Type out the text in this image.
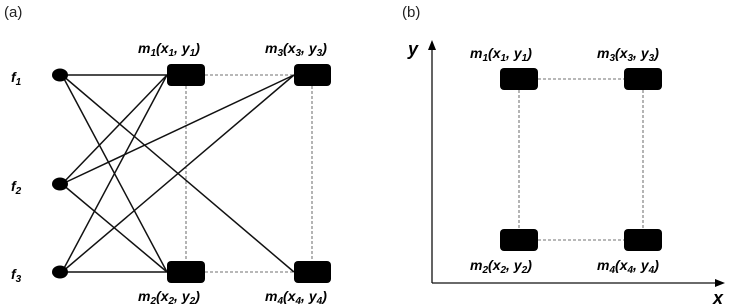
(a)	(b)
$f_1$
$f_2$
$f_3$
$m_1(x_1$, $y_1$)
$m_2(x_2$, $y_2$)
$m_3(x_3$, $y_3$)
$m_4(x_4$, $y_4$)
y
x
$m_1(x_1$, $y_1$)
$m_2(x_2$, $y_2$)
$m_3(x_3$, $y_3$)
$m_4(x_4$, $y_4$)
